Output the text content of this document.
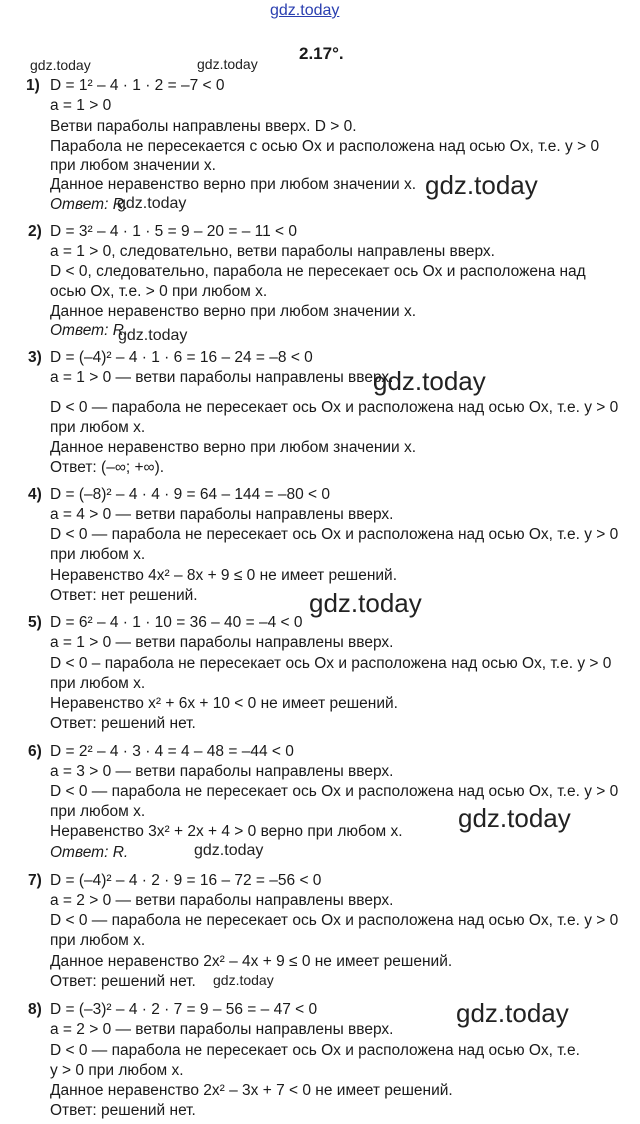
gdz.today
gdz.today	gdz.today
gdz.today
gdz.today
gdz.today
gdz.today
gdz.today
gdz.today
gdz.today
gdz.today
gdz.today
2.17°.
1) D = 1² – 4 · 1 · 2 = –7 < 0
a = 1 > 0
Ветви параболы направлены вверх. D > 0.
Парабола не пересекается с осью Ox и расположена над осью Ox, т.е. y > 0
при любом значении x.
Данное неравенство верно при любом значении x.
Ответ: R.
2) D = 3² – 4 · 1 · 5 = 9 – 20 = – 11 < 0
a = 1 > 0, следовательно, ветви параболы направлены вверх.
D < 0, следовательно, парабола не пересекает ось Ox и расположена над
осью Ox, т.е. > 0 при любом x.
Данное неравенство верно при любом значении x.
Ответ: R.
3) D = (–4)² – 4 · 1 · 6 = 16 – 24 = –8 < 0
a = 1 > 0 — ветви параболы направлены вверх.
D < 0 — парабола не пересекает ось Ox и расположена над осью Ox, т.е. y > 0
при любом x.
Данное неравенство верно при любом значении x.
Ответ: (–∞; +∞).
4) D = (–8)² – 4 · 4 · 9 = 64 – 144 = –80 < 0
a = 4 > 0 — ветви параболы направлены вверх.
D < 0 — парабола не пересекает ось Ox и расположена над осью Ox, т.е. y > 0
при любом x.
Неравенство 4x² – 8x + 9 ≤ 0 не имеет решений.
Ответ: нет решений.
5) D = 6² – 4 · 1 · 10 = 36 – 40 = –4 < 0
a = 1 > 0 — ветви параболы направлены вверх.
D < 0 – парабола не пересекает ось Ox и расположена над осью Ox, т.е. y > 0
при любом x.
Неравенство x² + 6x + 10 < 0 не имеет решений.
Ответ: решений нет.
6) D = 2² – 4 · 3 · 4 = 4 – 48 = –44 < 0
a = 3 > 0 — ветви параболы направлены вверх.
D < 0 — парабола не пересекает ось Ox и расположена над осью Ox, т.е. y > 0
при любом x.
Неравенство 3x² + 2x + 4 > 0 верно при любом x.
Ответ: R.
7) D = (–4)² – 4 · 2 · 9 = 16 – 72 = –56 < 0
a = 2 > 0 — ветви параболы направлены вверх.
D < 0 — парабола не пересекает ось Ox и расположена над осью Ox, т.е. y > 0
при любом x.
Данное неравенство 2x² – 4x + 9 ≤ 0 не имеет решений.
Ответ: решений нет.
8) D = (–3)² – 4 · 2 · 7 = 9 – 56 = – 47 < 0
a = 2 > 0 — ветви параболы направлены вверх.
D < 0 — парабола не пересекает ось Ox и расположена над осью Ox, т.е.
y > 0 при любом x.
Данное неравенство 2x² – 3x + 7 < 0 не имеет решений.
Ответ: решений нет.
